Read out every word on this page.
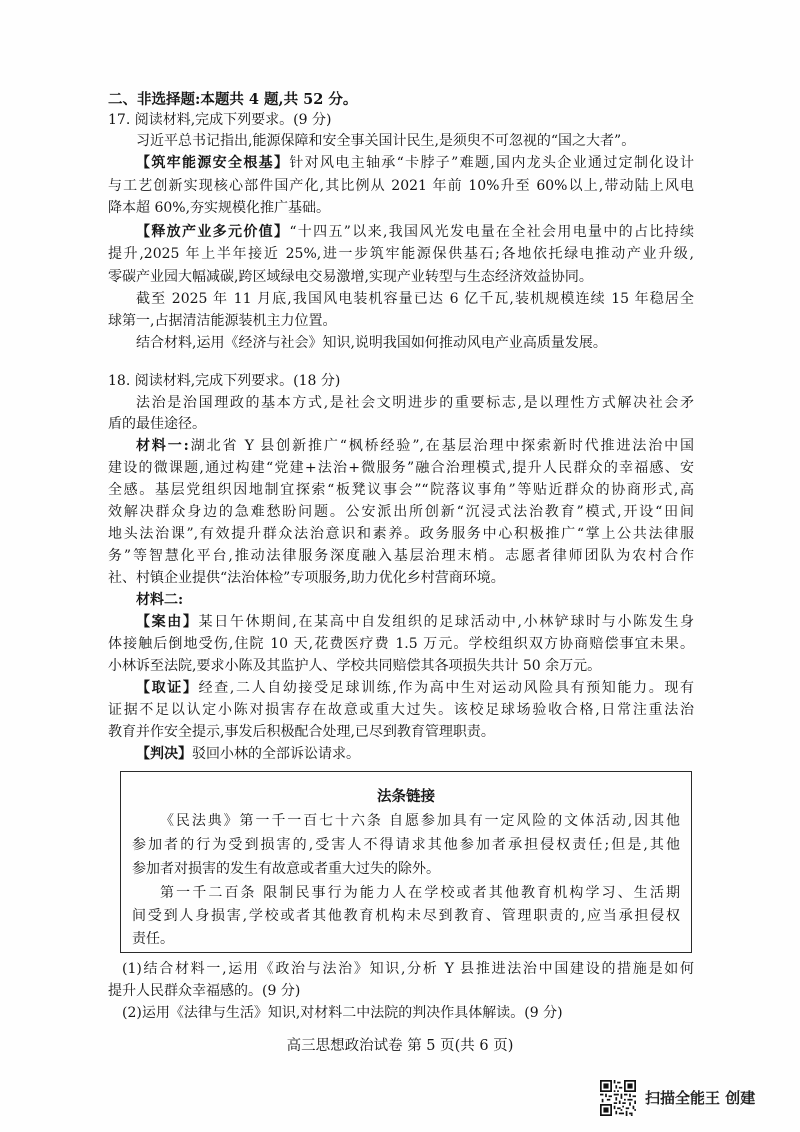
二、非选择题:本题共 4 题,共 52 分。
17. 阅读材料,完成下列要求。(9 分)
习近平总书记指出,能源保障和安全事关国计民生,是须臾不可忽视的“国之大者”。
【筑牢能源安全根基】针对风电主轴承“卡脖子”难题,国内龙头企业通过定制化设计
与工艺创新实现核心部件国产化,其比例从 2021 年前 10%升至 60%以上,带动陆上风电
降本超 60%,夯实规模化推广基础。
【释放产业多元价值】“十四五”以来,我国风光发电量在全社会用电量中的占比持续
提升,2025 年上半年接近 25%,进一步筑牢能源保供基石;各地依托绿电推动产业升级,
零碳产业园大幅减碳,跨区域绿电交易激增,实现产业转型与生态经济效益协同。
截至 2025 年 11 月底,我国风电装机容量已达 6 亿千瓦,装机规模连续 15 年稳居全
球第一,占据清洁能源装机主力位置。
结合材料,运用《经济与社会》知识,说明我国如何推动风电产业高质量发展。
18. 阅读材料,完成下列要求。(18 分)
法治是治国理政的基本方式,是社会文明进步的重要标志,是以理性方式解决社会矛
盾的最佳途径。
材料一:湖北省 Y 县创新推广“枫桥经验”,在基层治理中探索新时代推进法治中国
建设的微课题,通过构建“党建+法治+微服务”融合治理模式,提升人民群众的幸福感、安
全感。基层党组织因地制宜探索“板凳议事会”“院落议事角”等贴近群众的协商形式,高
效解决群众身边的急难愁盼问题。公安派出所创新“沉浸式法治教育”模式,开设“田间
地头法治课”,有效提升群众法治意识和素养。政务服务中心积极推广“掌上公共法律服
务”等智慧化平台,推动法律服务深度融入基层治理末梢。志愿者律师团队为农村合作
社、村镇企业提供“法治体检”专项服务,助力优化乡村营商环境。
材料二:
【案由】某日午休期间,在某高中自发组织的足球活动中,小林铲球时与小陈发生身
体接触后倒地受伤,住院 10 天,花费医疗费 1.5 万元。学校组织双方协商赔偿事宜未果。
小林诉至法院,要求小陈及其监护人、学校共同赔偿其各项损失共计 50 余万元。
【取证】经查,二人自幼接受足球训练,作为高中生对运动风险具有预知能力。现有
证据不足以认定小陈对损害存在故意或重大过失。该校足球场验收合格,日常注重法治
教育并作安全提示,事发后积极配合处理,已尽到教育管理职责。
【判决】驳回小林的全部诉讼请求。
法条链接
《民法典》第一千一百七十六条 自愿参加具有一定风险的文体活动,因其他
参加者的行为受到损害的,受害人不得请求其他参加者承担侵权责任;但是,其他
参加者对损害的发生有故意或者重大过失的除外。
第一千二百条 限制民事行为能力人在学校或者其他教育机构学习、生活期
间受到人身损害,学校或者其他教育机构未尽到教育、管理职责的,应当承担侵权
责任。
(1)结合材料一,运用《政治与法治》知识,分析 Y 县推进法治中国建设的措施是如何
提升人民群众幸福感的。(9 分)
(2)运用《法律与生活》知识,对材料二中法院的判决作具体解读。(9 分)
高三思想政治试卷 第 5 页(共 6 页)
扫描全能王 创建
